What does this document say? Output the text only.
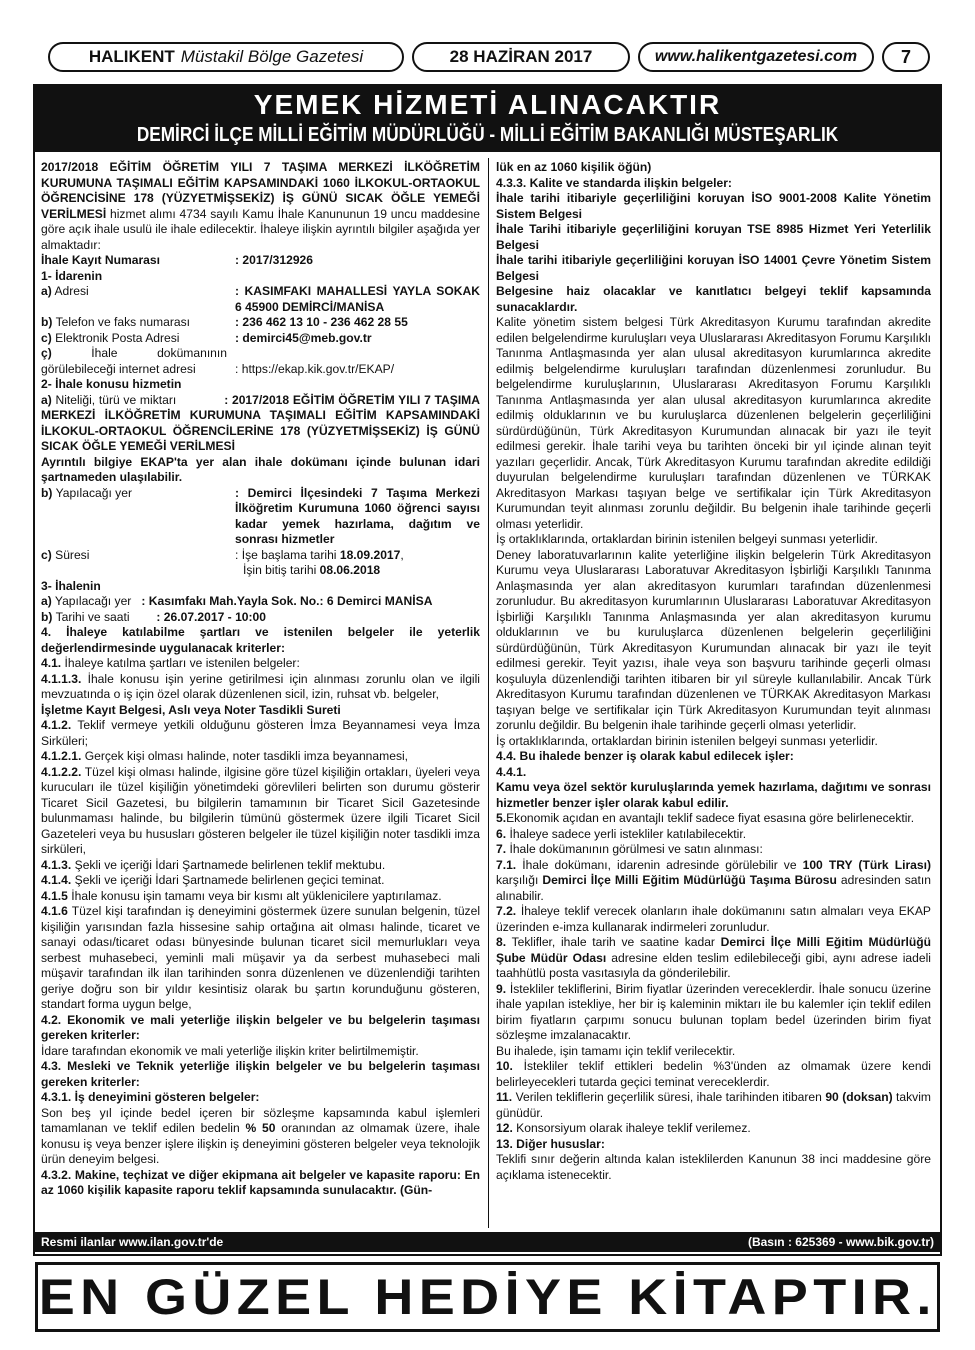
HALIKENT Müstakil Bölge Gazetesi	28 HAZİRAN 2017	www.halikentgazetesi.com	7
YEMEK HİZMETİ ALINACAKTIR
DEMİRCİ İLÇE MİLLİ EĞİTİM MÜDÜRLÜĞÜ - MİLLİ EĞİTİM BAKANLIĞI MÜSTEŞARLIK

2017/2018 EĞİTİM ÖĞRETİM YILI 7 TAŞIMA MERKEZİ İLKÖĞRETİM KURUMUNA TAŞIMALI EĞİTİM KAPSAMINDAKİ 1060 İLKOKUL-ORTAOKUL ÖĞRENCİSİNE 178 (YÜZYETMİŞSEKİZ) İŞ GÜNÜ SICAK ÖĞLE YEMEĞİ VERİLMESİ hizmet alımı 4734 sayılı Kamu İhale Kanununun 19 uncu maddesine göre açık ihale usulü ile ihale edilecektir. İhaleye ilişkin ayrıntılı bilgiler aşağıda yer almaktadır:

İhale Kayıt Numarası	: 2017/312926

1- İdarenin

a) Adresi	: KASIMFAKI MAHALLESİ YAYLA SOKAK 6 45900 DEMİRCİ/MANİSA
b) Telefon ve faks numarası	: 236 462 13 10 - 236 462 28 55
c) Elektronik Posta Adresi	: demirci45@meb.gov.tr
ç) İhale dokümanının görülebileceği internet adresi	: https://ekap.kik.gov.tr/EKAP/

2- İhale konusu hizmetin

a) Niteliği, türü ve miktarı	: 2017/2018 EĞİTİM ÖĞRETİM YILI 7 TAŞIMA MERKEZİ İLKÖĞRETİM KURUMUNA TAŞIMALI EĞİTİM KAPSAMINDAKİ İLKOKUL-ORTAOKUL ÖĞRENCİLERİNE 178 (YÜZYETMİŞSEKİZ) İŞ GÜNÜ SICAK ÖĞLE YEMEĞİ VERİLMESİ

Ayrıntılı bilgiye EKAP'ta yer alan ihale dokümanı içinde bulunan idari şartnameden ulaşılabilir.

b) Yapılacağı yer	: Demirci İlçesindeki 7 Taşıma Merkezi İlköğretim Kurumuna 1060 öğrenci sayısı kadar yemek hazırlama, dağıtım ve sonrası hizmetler
c) Süresi	: İşe başlama tarihi 18.09.2017,
İşin bitiş tarihi 08.06.2018

3- İhalenin

a) Yapılacağı yer : Kasımfakı Mah.Yayla Sok. No.: 6 Demirci MANİSA

b) Tarihi ve saati : 26.07.2017 - 10:00

4. İhaleye katılabilme şartları ve istenilen belgeler ile yeterlik değerlendirmesinde uygulanacak kriterler:

4.1. İhaleye katılma şartları ve istenilen belgeler:

4.1.1.3. İhale konusu işin yerine getirilmesi için alınması zorunlu olan ve ilgili mevzuatında o iş için özel olarak düzenlenen sicil, izin, ruhsat vb. belgeler,
İşletme Kayıt Belgesi, Aslı veya Noter Tasdikli Sureti

4.1.2. Teklif vermeye yetkili olduğunu gösteren İmza Beyannamesi veya İmza Sirküleri;

4.1.2.1. Gerçek kişi olması halinde, noter tasdikli imza beyannamesi,

4.1.2.2. Tüzel kişi olması halinde, ilgisine göre tüzel kişiliğin ortakları, üyeleri veya kurucuları ile tüzel kişiliğin yönetimdeki görevlileri belirten son durumu gösterir Ticaret Sicil Gazetesi, bu bilgilerin tamamının bir Ticaret Sicil Gazetesinde bulunmaması halinde, bu bilgilerin tümünü göstermek üzere ilgili Ticaret Sicil Gazeteleri veya bu hususları gösteren belgeler ile tüzel kişiliğin noter tasdikli imza sirküleri,

4.1.3. Şekli ve içeriği İdari Şartnamede belirlenen teklif mektubu.

4.1.4. Şekli ve içeriği İdari Şartnamede belirlenen geçici teminat.

4.1.5 İhale konusu işin tamamı veya bir kısmı alt yüklenicilere yaptırılamaz.

4.1.6 Tüzel kişi tarafından iş deneyimini göstermek üzere sunulan belgenin, tüzel kişiliğin yarısından fazla hissesine sahip ortağına ait olması halinde, ticaret ve sanayi odası/ticaret odası bünyesinde bulunan ticaret sicil memurlukları veya serbest muhasebeci, yeminli mali müşavir ya da serbest muhasebeci mali müşavir tarafından ilk ilan tarihinden sonra düzenlenen ve düzenlendiği tarihten geriye doğru son bir yıldır kesintisiz olarak bu şartın korunduğunu gösteren, standart forma uygun belge,

4.2. Ekonomik ve mali yeterliğe ilişkin belgeler ve bu belgelerin taşıması gereken kriterler:

İdare tarafından ekonomik ve mali yeterliğe ilişkin kriter belirtilmemiştir.

4.3. Mesleki ve Teknik yeterliğe ilişkin belgeler ve bu belgelerin taşıması gereken kriterler:

4.3.1. İş deneyimini gösteren belgeler:

Son beş yıl içinde bedel içeren bir sözleşme kapsamında kabul işlemleri tamamlanan ve teklif edilen bedelin % 50 oranından az olmamak üzere, ihale konusu iş veya benzer işlere ilişkin iş deneyimini gösteren belgeler veya teknolojik ürün deneyim belgesi.

4.3.2. Makine, teçhizat ve diğer ekipmana ait belgeler ve kapasite raporu: En az 1060 kişilik kapasite raporu teklif kapsamında sunulacaktır. (Gün-

lük en az 1060 kişilik öğün)

4.3.3. Kalite ve standarda ilişkin belgeler:

İhale tarihi itibariyle geçerliliğini koruyan İSO 9001-2008 Kalite Yönetim Sistem Belgesi

İhale Tarihi itibariyle geçerliliğini koruyan TSE 8985 Hizmet Yeri Yeterlilik Belgesi

İhale tarihi itibariyle geçerliliğini koruyan İSO 14001 Çevre Yönetim Sistem Belgesi

Belgesine haiz olacaklar ve kanıtlatıcı belgeyi teklif kapsamında sunacaklardır.

Kalite yönetim sistem belgesi Türk Akreditasyon Kurumu tarafından akredite edilen belgelendirme kuruluşları veya Uluslararası Akreditasyon Forumu Karşılıklı Tanınma Antlaşmasında yer alan ulusal akreditasyon kurumlarınca akredite edilmiş belgelendirme kuruluşları tarafından düzenlenmesi zorunludur. Bu belgelendirme kuruluşlarının, Uluslararası Akreditasyon Forumu Karşılıklı Tanınma Antlaşmasında yer alan ulusal akreditasyon kurumlarınca akredite edilmiş olduklarının ve bu kuruluşlarca düzenlenen belgelerin geçerliliğini sürdürdüğünün, Türk Akreditasyon Kurumundan alınacak bir yazı ile teyit edilmesi gerekir. İhale tarihi veya bu tarihten önceki bir yıl içinde alınan teyit yazıları geçerlidir. Ancak, Türk Akreditasyon Kurumu tarafından akredite edildiği duyurulan belgelendirme kuruluşları tarafından düzenlenen ve TÜRKAK Akreditasyon Markası taşıyan belge ve sertifikalar için Türk Akreditasyon Kurumundan teyit alınması zorunlu değildir. Bu belgenin ihale tarihinde geçerli olması yeterlidir.

İş ortaklıklarında, ortaklardan birinin istenilen belgeyi sunması yeterlidir.

Deney laboratuvarlarının kalite yeterliğine ilişkin belgelerin Türk Akreditasyon Kurumu veya Uluslararası Laboratuvar Akreditasyon İşbirliği Karşılıklı Tanınma Anlaşmasında yer alan akreditasyon kurumları tarafından düzenlenmesi zorunludur. Bu akreditasyon kurumlarının Uluslararası Laboratuvar Akreditasyon İşbirliği Karşılıklı Tanınma Anlaşmasında yer alan akreditasyon kurumu olduklarının ve bu kuruluşlarca düzenlenen belgelerin geçerliliğini sürdürdüğünün, Türk Akreditasyon Kurumundan alınacak bir yazı ile teyit edilmesi gerekir. Teyit yazısı, ihale veya son başvuru tarihinde geçerli olması koşuluyla düzenlendiği tarihten itibaren bir yıl süreyle kullanılabilir. Ancak Türk Akreditasyon Kurumu tarafından düzenlenen ve TÜRKAK Akreditasyon Markası taşıyan belge ve sertifikalar için Türk Akreditasyon Kurumundan teyit alınması zorunlu değildir. Bu belgenin ihale tarihinde geçerli olması yeterlidir.

İş ortaklıklarında, ortaklardan birinin istenilen belgeyi sunması yeterlidir.

4.4. Bu ihalede benzer iş olarak kabul edilecek işler:

4.4.1.

Kamu veya özel sektör kuruluşlarında yemek hazırlama, dağıtımı ve sonrası hizmetler benzer işler olarak kabul edilir.

5.Ekonomik açıdan en avantajlı teklif sadece fiyat esasına göre belirlenecektir.

6. İhaleye sadece yerli istekliler katılabilecektir.

7. İhale dokümanının görülmesi ve satın alınması:

7.1. İhale dokümanı, idarenin adresinde görülebilir ve 100 TRY (Türk Lirası) karşılığı Demirci İlçe Milli Eğitim Müdürlüğü Taşıma Bürosu adresinden satın alınabilir.

7.2. İhaleye teklif verecek olanların ihale dokümanını satın almaları veya EKAP üzerinden e-imza kullanarak indirmeleri zorunludur.

8. Teklifler, ihale tarih ve saatine kadar Demirci İlçe Milli Eğitim Müdürlüğü Şube Müdür Odası adresine elden teslim edilebileceği gibi, aynı adrese iadeli taahhütlü posta vasıtasıyla da gönderilebilir.

9. İstekliler tekliflerini, Birim fiyatlar üzerinden vereceklerdir. İhale sonucu üzerine ihale yapılan istekliye, her bir iş kaleminin miktarı ile bu kalemler için teklif edilen birim fiyatların çarpımı sonucu bulunan toplam bedel üzerinden birim fiyat sözleşme imzalanacaktır.

Bu ihalede, işin tamamı için teklif verilecektir.

10. İstekliler teklif ettikleri bedelin %3'ünden az olmamak üzere kendi belirleyecekleri tutarda geçici teminat vereceklerdir.

11. Verilen tekliflerin geçerlilik süresi, ihale tarihinden itibaren 90 (doksan) takvim günüdür.

12. Konsorsiyum olarak ihaleye teklif verilemez.

13. Diğer hususlar:

Teklifi sınır değerin altında kalan isteklilerden Kanunun 38 inci maddesine göre açıklama istenecektir.

Resmi ilanlar www.ilan.gov.tr'de	(Basın : 625369 - www.bik.gov.tr)
EN GÜZEL HEDİYE KİTAPTIR.
